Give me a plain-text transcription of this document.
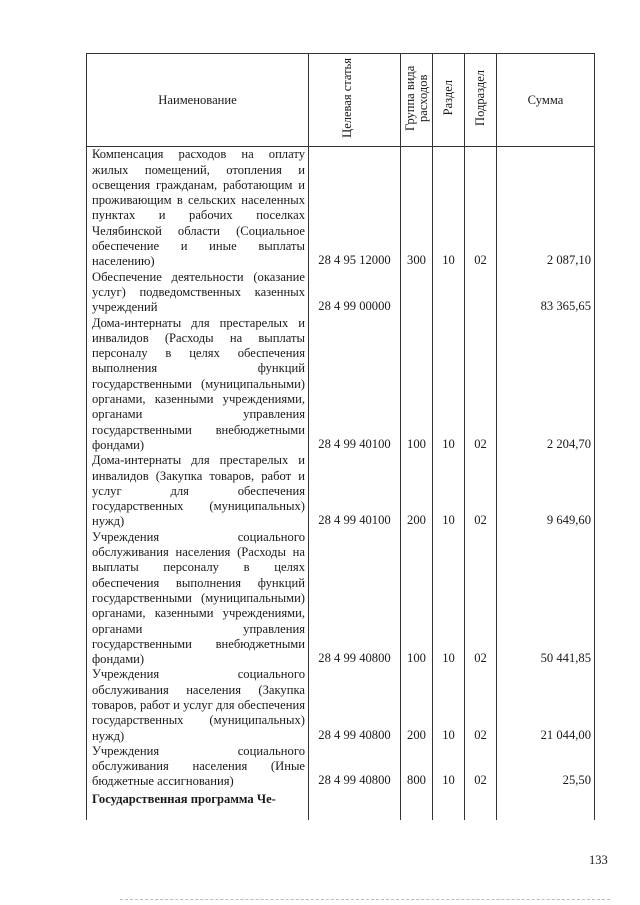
Наименование	Целевая статья	Группа вида расходов	Раздел	Подраздел	Сумма
Компенсация расходов на оплату жилых помещений, отопления и освещения гражданам, работающим и проживающим в сельских населенных пунктах и рабочих поселках Челябинской области (Социальное обеспечение и иные выплаты населению)	28 4 95 12000	300	10	02	2 087,10
Обеспечение деятельности (оказание услуг) подведомственных казенных учреждений	28 4 99 00000				83 365,65
Дома-интернаты для престарелых и инвалидов (Расходы на выплаты персоналу в целях обеспечения выполнения функций государственными (муниципальными) органами, казенными учреждениями, органами управления государственными внебюджетными фондами)	28 4 99 40100	100	10	02	2 204,70
Дома-интернаты для престарелых и инвалидов (Закупка товаров, работ и услуг для обеспечения государственных (муниципальных) нужд)	28 4 99 40100	200	10	02	9 649,60
Учреждения социального обслуживания населения (Расходы на выплаты персоналу в целях обеспечения выполнения функций государственными (муниципальными) органами, казенными учреждениями, органами управления государственными внебюджетными фондами)	28 4 99 40800	100	10	02	50 441,85
Учреждения социального обслуживания населения (Закупка товаров, работ и услуг для обеспечения государственных (муниципальных) нужд)	28 4 99 40800	200	10	02	21 044,00
Учреждения социального обслуживания населения (Иные бюджетные ассигнования)	28 4 99 40800	800	10	02	25,50
Государственная программа Че-					
133
